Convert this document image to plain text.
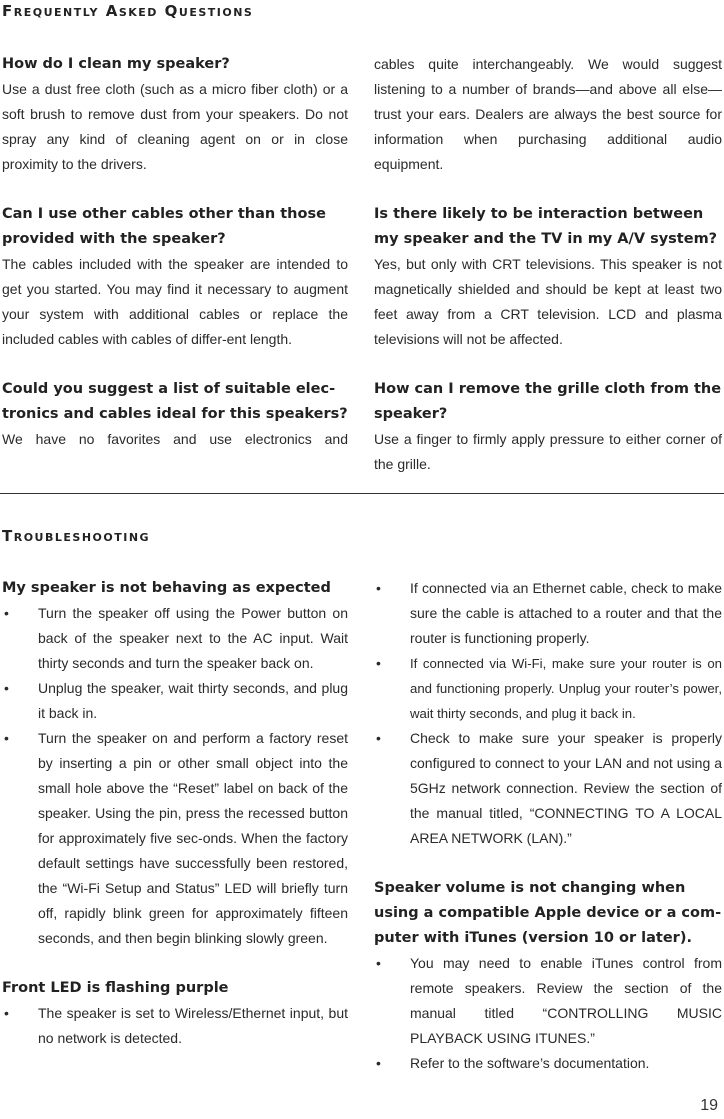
Frequently Asked Questions

How do I clean my speaker?

Use a dust free cloth (such as a micro fiber cloth) or a soft brush to remove dust from your speakers. Do not spray any kind of cleaning agent on or in close proximity to the drivers.

Can I use other cables other than those provided with the speaker?

The cables included with the speaker are intended to get you started. You may find it necessary to augment your system with additional cables or replace the included cables with cables of differ-ent length.

Could you suggest a list of suitable elec-tronics and cables ideal for this speakers?

We have no favorites and use electronics and

cables quite interchangeably. We would suggest listening to a number of brands—and above all else—trust your ears. Dealers are always the best source for information when purchasing additional audio equipment.

Is there likely to be interaction between my speaker and the TV in my A/V system?

Yes, but only with CRT televisions. This speaker is not magnetically shielded and should be kept at least two feet away from a CRT television. LCD and plasma televisions will not be affected.

How can I remove the grille cloth from the speaker?

Use a finger to firmly apply pressure to either corner of the grille.

Troubleshooting

My speaker is not behaving as expected

• Turn the speaker off using the Power button on back of the speaker next to the AC input. Wait thirty seconds and turn the speaker back on.
• Unplug the speaker, wait thirty seconds, and plug it back in.
• Turn the speaker on and perform a factory reset by inserting a pin or other small object into the small hole above the “Reset” label on back of the speaker. Using the pin, press the recessed button for approximately five sec-onds. When the factory default settings have successfully been restored, the “Wi-Fi Setup and Status” LED will briefly turn off, rapidly blink green for approximately fifteen seconds, and then begin blinking slowly green.

Front LED is flashing purple

• The speaker is set to Wireless/Ethernet input, but no network is detected.
• If connected via an Ethernet cable, check to make sure the cable is attached to a router and that the router is functioning properly.
• If connected via Wi-Fi, make sure your router is on and functioning properly. Unplug your router’s power, wait thirty seconds, and plug it back in.
• Check to make sure your speaker is properly configured to connect to your LAN and not using a 5GHz network connection. Review the section of the manual titled, “CONNECTING TO A LOCAL AREA NETWORK (LAN).”

Speaker volume is not changing when using a compatible Apple device or a com-puter with iTunes (version 10 or later).

• You may need to enable iTunes control from remote speakers. Review the section of the manual titled “CONTROLLING MUSIC PLAYBACK USING ITUNES.”
• Refer to the software’s documentation.
19
